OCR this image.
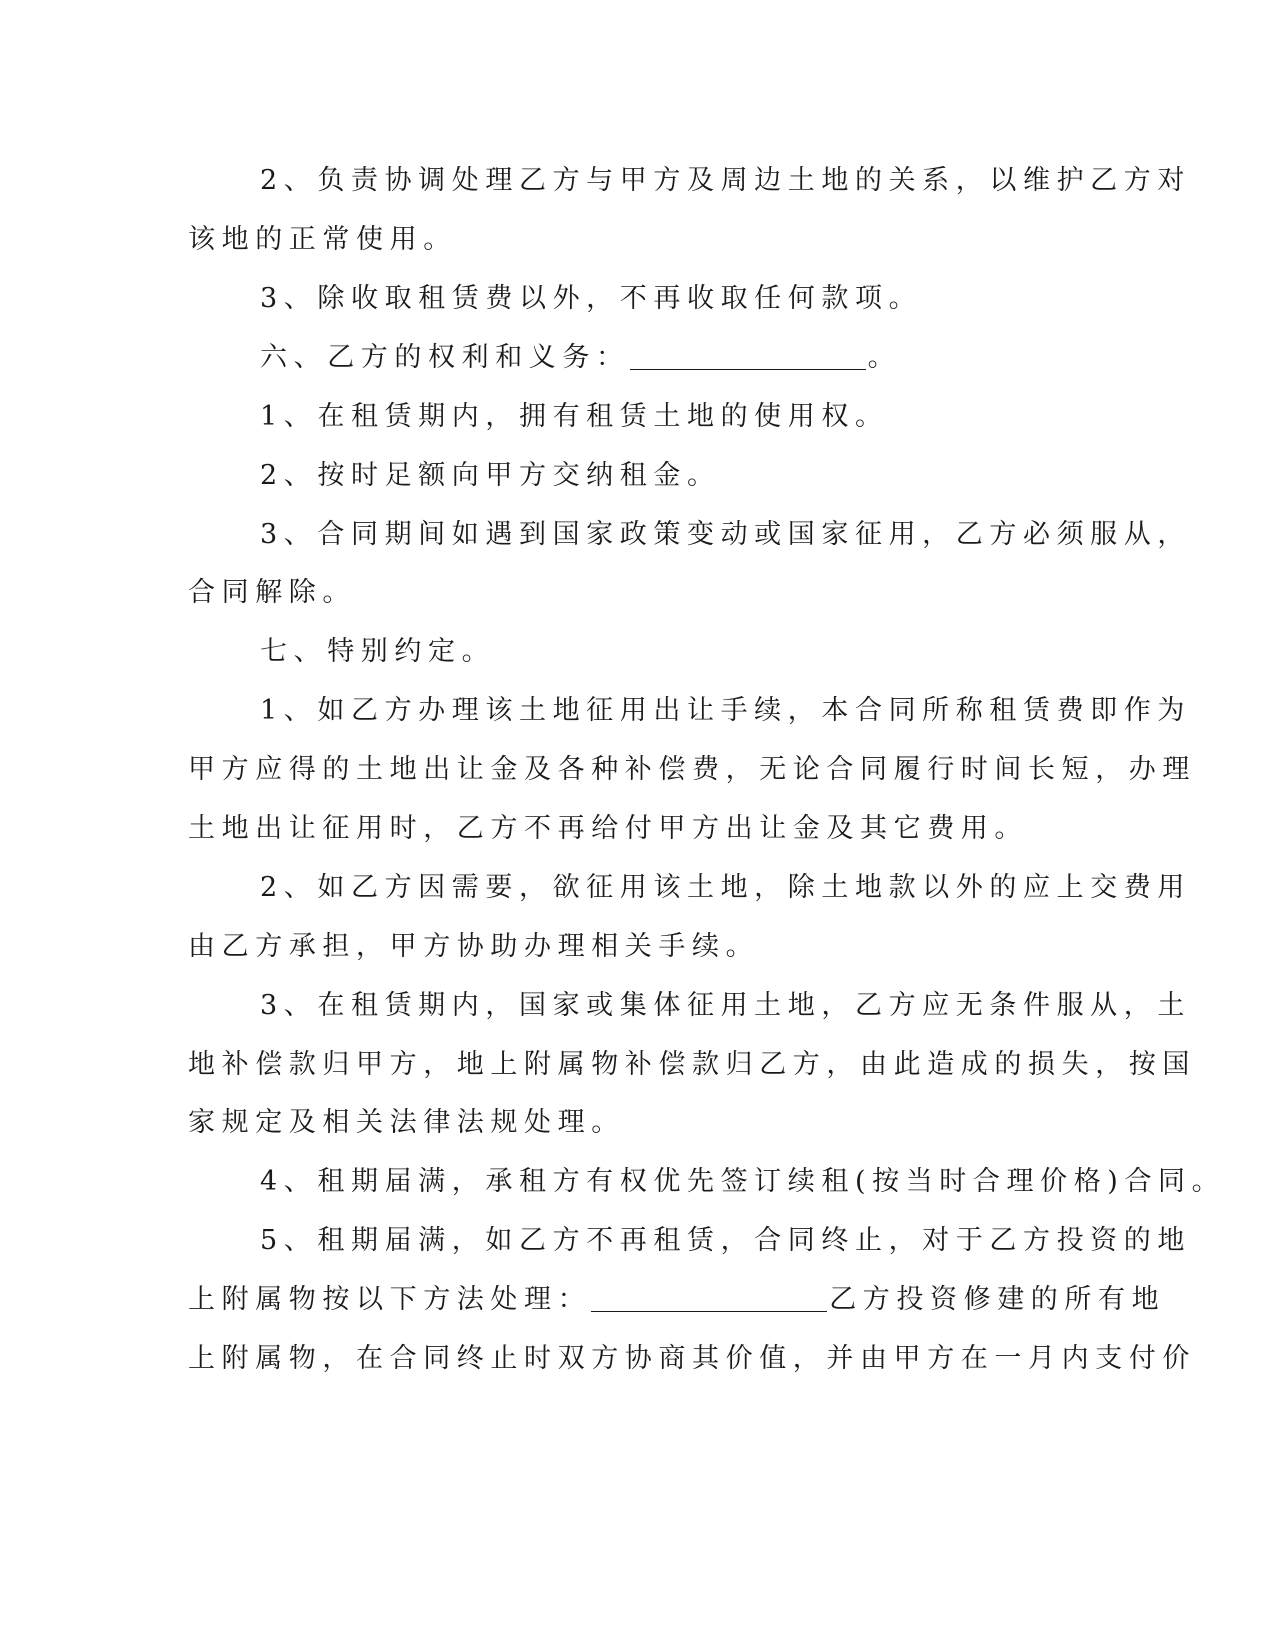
2、负责协调处理乙方与甲方及周边土地的关系，以维护乙方对
该地的正常使用。
3、除收取租赁费以外，不再收取任何款项。
六、乙方的权利和义务：	。
1、在租赁期内，拥有租赁土地的使用权。
2、按时足额向甲方交纳租金。
3、合同期间如遇到国家政策变动或国家征用，乙方必须服从，
合同解除。
七、特别约定。
1、如乙方办理该土地征用出让手续，本合同所称租赁费即作为
甲方应得的土地出让金及各种补偿费，无论合同履行时间长短，办理
土地出让征用时，乙方不再给付甲方出让金及其它费用。
2、如乙方因需要，欲征用该土地，除土地款以外的应上交费用
由乙方承担，甲方协助办理相关手续。
3、在租赁期内，国家或集体征用土地，乙方应无条件服从，土
地补偿款归甲方，地上附属物补偿款归乙方，由此造成的损失，按国
家规定及相关法律法规处理。
4、租期届满，承租方有权优先签订续租(按当时合理价格)合同。
5、租期届满，如乙方不再租赁，合同终止，对于乙方投资的地
上附属物按以下方法处理：	乙方投资修建的所有地
上附属物，在合同终止时双方协商其价值，并由甲方在一月内支付价
